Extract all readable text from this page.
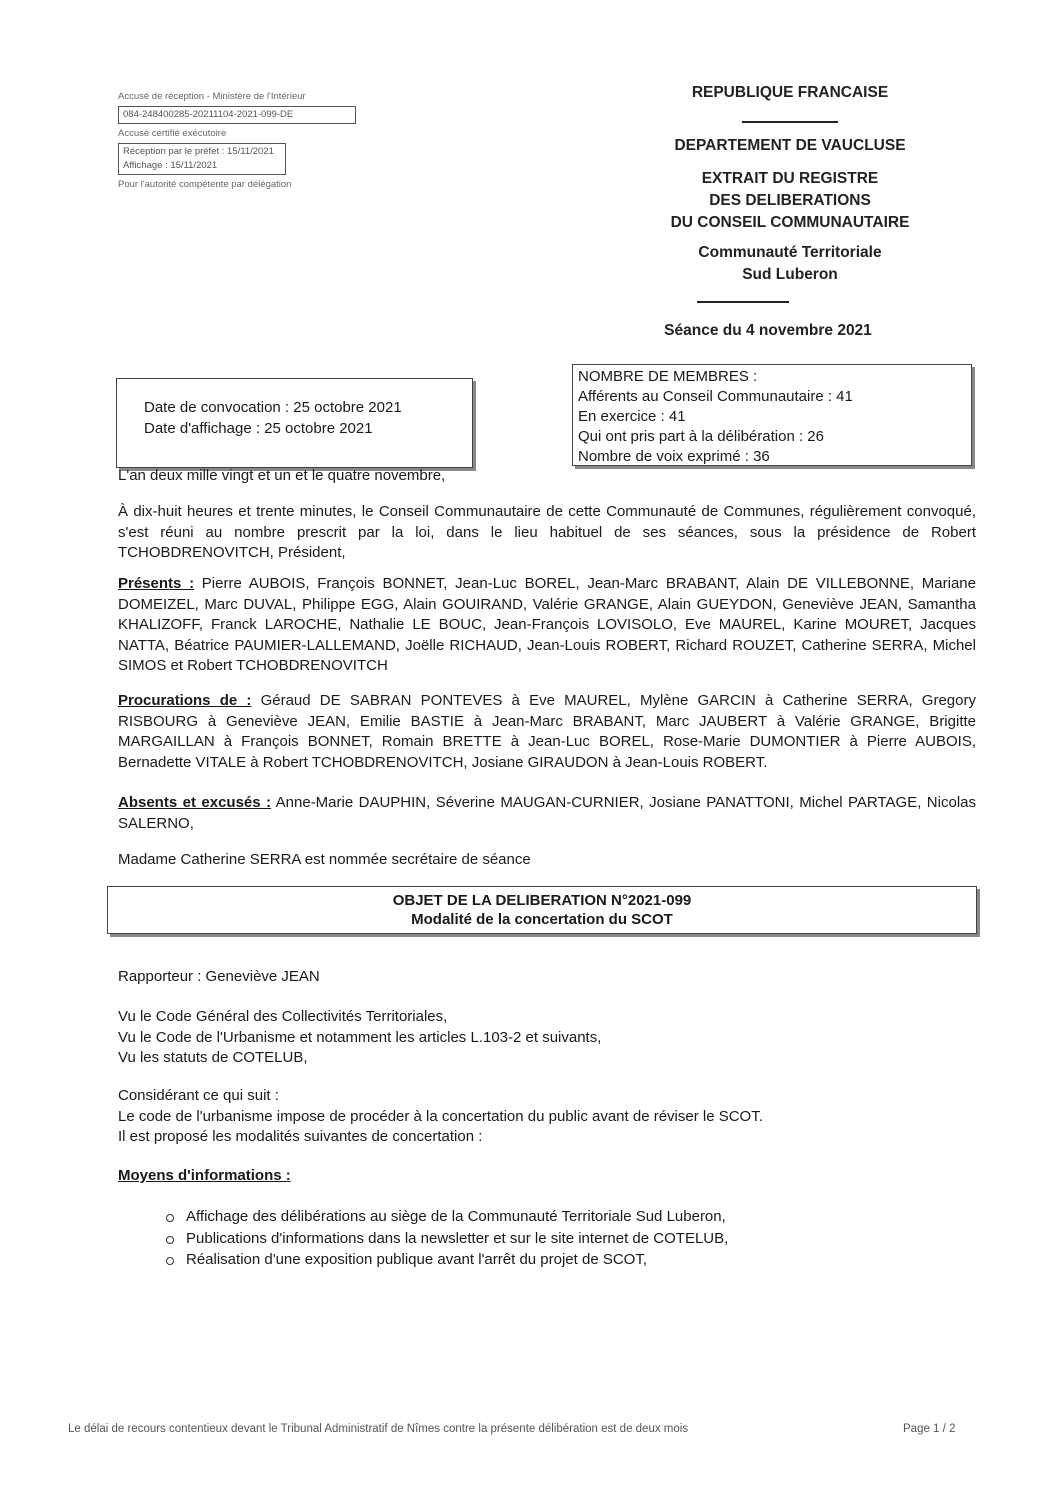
Accusé de réception - Ministère de l'Intérieur
084-248400285-20211104-2021-099-DE
Accusé certifié exécutoire
Réception par le préfet : 15/11/2021
Affichage : 15/11/2021
Pour l'autorité compétente par délégation
REPUBLIQUE FRANCAISE
DEPARTEMENT DE VAUCLUSE
EXTRAIT DU REGISTRE
DES DELIBERATIONS
DU CONSEIL COMMUNAUTAIRE
Communauté Territoriale
Sud Luberon
Séance du 4 novembre 2021
Date de convocation : 25 octobre 2021
Date d'affichage : 25 octobre 2021
NOMBRE DE MEMBRES :
Afférents au Conseil Communautaire : 41
En exercice : 41
Qui ont pris part à la délibération : 26
Nombre de voix exprimé : 36
L'an deux mille vingt et un et le quatre novembre,
À dix-huit heures et trente minutes, le Conseil Communautaire de cette Communauté de Communes, régulièrement convoqué, s'est réuni au nombre prescrit par la loi, dans le lieu habituel de ses séances, sous la présidence de Robert TCHOBDRENOVITCH, Président,
Présents : Pierre AUBOIS, François BONNET, Jean-Luc BOREL, Jean-Marc BRABANT, Alain DE VILLEBONNE, Mariane DOMEIZEL, Marc DUVAL, Philippe EGG, Alain GOUIRAND, Valérie GRANGE, Alain GUEYDON, Geneviève JEAN, Samantha KHALIZOFF, Franck LAROCHE, Nathalie LE BOUC, Jean-François LOVISOLO, Eve MAUREL, Karine MOURET, Jacques NATTA, Béatrice PAUMIER-LALLEMAND, Joëlle RICHAUD, Jean-Louis ROBERT, Richard ROUZET, Catherine SERRA, Michel SIMOS et Robert TCHOBDRENOVITCH
Procurations de : Géraud DE SABRAN PONTEVES à Eve MAUREL, Mylène GARCIN à Catherine SERRA, Gregory RISBOURG à Geneviève JEAN, Emilie BASTIE à Jean-Marc BRABANT, Marc JAUBERT à Valérie GRANGE, Brigitte MARGAILLAN à François BONNET, Romain BRETTE à Jean-Luc BOREL, Rose-Marie DUMONTIER à Pierre AUBOIS, Bernadette VITALE à Robert TCHOBDRENOVITCH, Josiane GIRAUDON à Jean-Louis ROBERT.
Absents et excusés : Anne-Marie DAUPHIN, Séverine MAUGAN-CURNIER, Josiane PANATTONI, Michel PARTAGE, Nicolas SALERNO,
Madame Catherine SERRA est nommée secrétaire de séance
OBJET DE LA DELIBERATION N°2021-099
Modalité de la concertation du SCOT
Rapporteur : Geneviève JEAN
Vu le Code Général des Collectivités Territoriales,
Vu le Code de l'Urbanisme et notamment les articles L.103-2 et suivants,
Vu les statuts de COTELUB,
Considérant ce qui suit :
Le code de l'urbanisme impose de procéder à la concertation du public avant de réviser le SCOT.
Il est proposé les modalités suivantes de concertation :
Moyens d'informations :
Affichage des délibérations au siège de la Communauté Territoriale Sud Luberon,
Publications d'informations dans la newsletter et sur le site internet de COTELUB,
Réalisation d'une exposition publique avant l'arrêt du projet de SCOT,
Le délai de recours contentieux devant le Tribunal Administratif de Nîmes contre la présente délibération est de deux mois	Page 1 / 2
